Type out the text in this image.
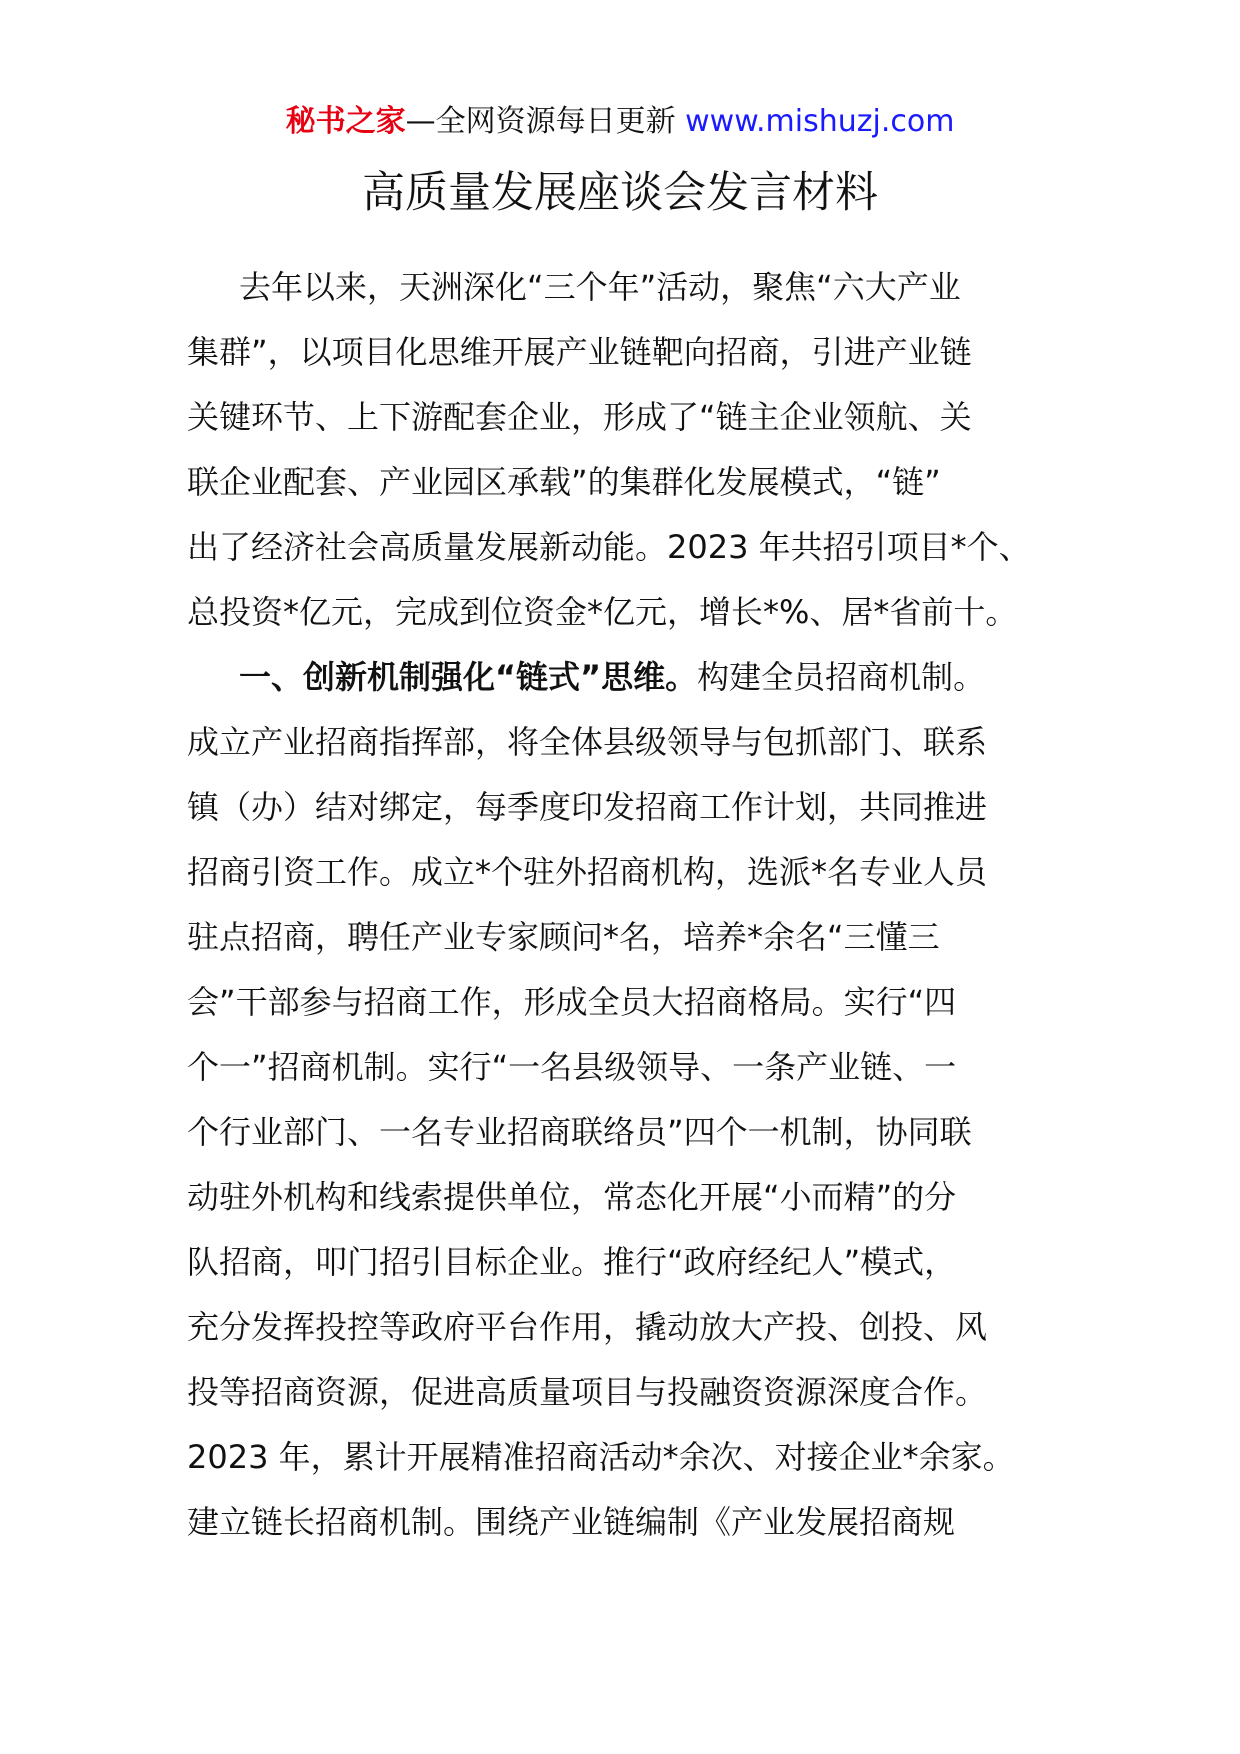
秘书之家—全网资源每日更新 www.mishuzj.com
高质量发展座谈会发言材料
去年以来，天洲深化“三个年”活动，聚焦“六大产业
集群”，以项目化思维开展产业链靶向招商，引进产业链
关键环节、上下游配套企业，形成了“链主企业领航、关
联企业配套、产业园区承载”的集群化发展模式，“链”
出了经济社会高质量发展新动能。2023 年共招引项目*个、
总投资*亿元，完成到位资金*亿元，增长*%、居*省前十。
一、创新机制强化“链式”思维。构建全员招商机制。
成立产业招商指挥部，将全体县级领导与包抓部门、联系
镇（办）结对绑定，每季度印发招商工作计划，共同推进
招商引资工作。成立*个驻外招商机构，选派*名专业人员
驻点招商，聘任产业专家顾问*名，培养*余名“三懂三
会”干部参与招商工作，形成全员大招商格局。实行“四
个一”招商机制。实行“一名县级领导、一条产业链、一
个行业部门、一名专业招商联络员”四个一机制，协同联
动驻外机构和线索提供单位，常态化开展“小而精”的分
队招商，叩门招引目标企业。推行“政府经纪人”模式，
充分发挥投控等政府平台作用，撬动放大产投、创投、风
投等招商资源，促进高质量项目与投融资资源深度合作。
2023 年，累计开展精准招商活动*余次、对接企业*余家。
建立链长招商机制。围绕产业链编制《产业发展招商规
